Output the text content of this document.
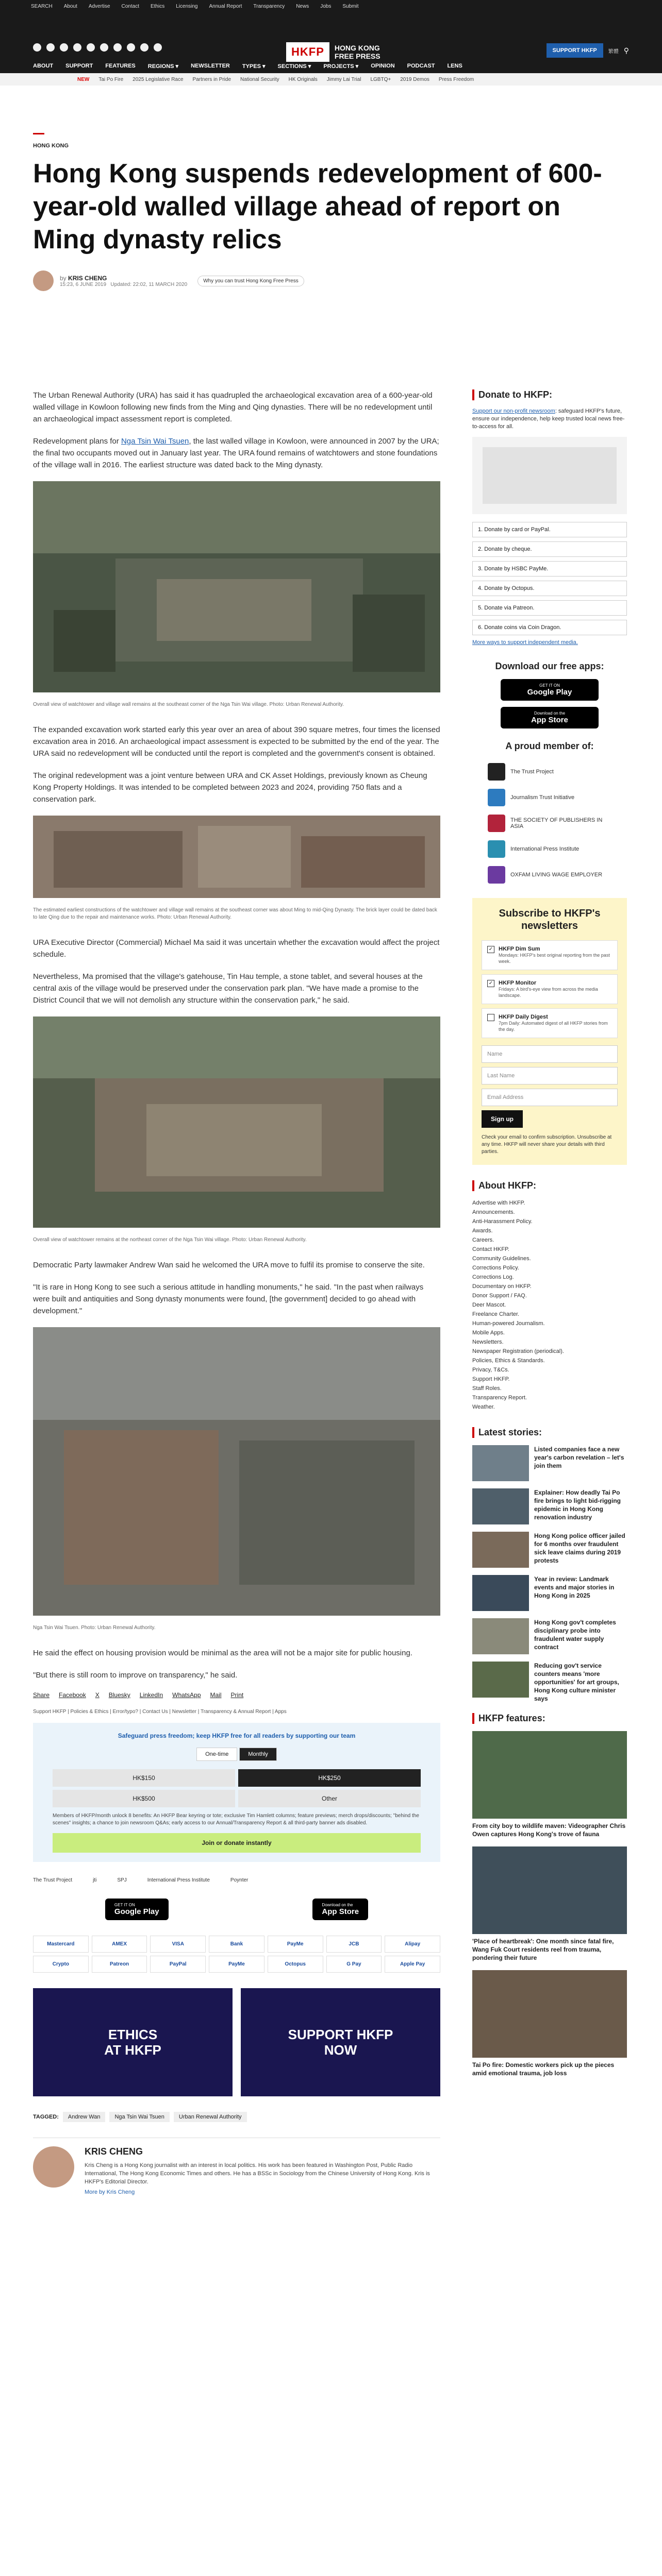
SEARCH About Advertise Contact Ethics Licensing Annual Report Transparency News Jobs Submit
HKFP	HONG KONG
FREE PRESS
SUPPORT HKFP	繁體 ⚲
ABOUT SUPPORT FEATURES REGIONS ▾ NEWSLETTER TYPES ▾ SECTIONS ▾ PROJECTS ▾ OPINION PODCAST LENS
NEW Tai Po Fire 2025 Legislative Race Partners in Pride National Security HK Originals Jimmy Lai Trial LGBTQ+ 2019 Demos Press Freedom
HONG KONG
Hong Kong suspends redevelopment of 600-year-old walled village ahead of report on Ming dynasty relics
by KRIS CHENG
15:23, 6 JUNE 2019 Updated: 22:02, 11 MARCH 2020
Why you can trust Hong Kong Free Press

The Urban Renewal Authority (URA) has said it has quadrupled the archaeological excavation area of a 600-year-old walled village in Kowloon following new finds from the Ming and Qing dynasties. There will be no redevelopment until an archaeological impact assessment report is completed.

Redevelopment plans for Nga Tsin Wai Tsuen, the last walled village in Kowloon, were announced in 2007 by the URA; the final two occupants moved out in January last year. The URA found remains of watchtowers and stone foundations of the village wall in 2016. The earliest structure was dated back to the Ming dynasty.

Overall view of watchtower and village wall remains at the southeast corner of the Nga Tsin Wai village. Photo: Urban Renewal Authority.

The expanded excavation work started early this year over an area of about 390 square metres, four times the licensed excavation area in 2016. An archaeological impact assessment is expected to be submitted by the end of the year. The URA said no redevelopment will be conducted until the report is completed and the government's consent is obtained.

The original redevelopment was a joint venture between URA and CK Asset Holdings, previously known as Cheung Kong Property Holdings. It was intended to be completed between 2023 and 2024, providing 750 flats and a conservation park.

The estimated earliest constructions of the watchtower and village wall remains at the southeast corner was about Ming to mid-Qing Dynasty. The brick layer could be dated back to late Qing due to the repair and maintenance works. Photo: Urban Renewal Authority.

URA Executive Director (Commercial) Michael Ma said it was uncertain whether the excavation would affect the project schedule.

Nevertheless, Ma promised that the village's gatehouse, Tin Hau temple, a stone tablet, and several houses at the central axis of the village would be preserved under the conservation park plan. "We have made a promise to the District Council that we will not demolish any structure within the conservation park," he said.

Overall view of watchtower remains at the northeast corner of the Nga Tsin Wai village. Photo: Urban Renewal Authority.

Democratic Party lawmaker Andrew Wan said he welcomed the URA move to fulfil its promise to conserve the site.

"It is rare in Hong Kong to see such a serious attitude in handling monuments," he said. "In the past when railways were built and antiquities and Song dynasty monuments were found, [the government] decided to go ahead with development."

Nga Tsin Wai Tsuen. Photo: Urban Renewal Authority.

He said the effect on housing provision would be minimal as the area will not be a major site for public housing.

"But there is still room to improve on transparency," he said.

Share Facebook X Bluesky LinkedIn WhatsApp Mail Print
Support HKFP | Policies & Ethics | Error/typo? | Contact Us | Newsletter | Transparency & Annual Report | Apps
Safeguard press freedom; keep HKFP free for all readers by supporting our team
One-time	Monthly
HK$150	HK$250
HK$500	Other
Members of HKFP/month unlock 8 benefits: An HKFP Bear keyring or tote; exclusive Tim Hamlett columns; feature previews; merch drops/discounts; "behind the scenes" insights; a chance to join newsroom Q&As; early access to our Annual/Transparency Report & all third-party banner ads disabled.
Join or donate instantly
The Trust Project	jti	SPJ	International Press Institute	Poynter
GET IT ON
Google Play
Download on the
App Store
Mastercard	AMEX	VISA	Bank	PayMe	JCB	Alipay
Crypto	Patreon	PayPal	PayMe	Octopus	G Pay	Apple Pay
ETHICS
AT HKFP
SUPPORT HKFP
NOW
TAGGED:	Andrew Wan	Nga Tsin Wai Tsuen	Urban Renewal Authority
KRIS CHENG
Kris Cheng is a Hong Kong journalist with an interest in local politics. His work has been featured in Washington Post, Public Radio International, The Hong Kong Economic Times and others. He has a BSSc in Sociology from the Chinese University of Hong Kong. Kris is HKFP's Editorial Director.
More by Kris Cheng
Donate to HKFP:

Support our non-profit newsroom: safeguard HKFP's future, ensure our independence, help keep trusted local news free-to-access for all.

1. Donate by card or PayPal.
2. Donate by cheque.
3. Donate by HSBC PayMe.
4. Donate by Octopus.
5. Donate via Patreon.
6. Donate coins via Coin Dragon.
More ways to support independent media.
Download our free apps:
GET IT ON
Google Play
Download on the
App Store
A proud member of:
The Trust Project
Journalism Trust Initiative
THE SOCIETY OF PUBLISHERS IN ASIA
International Press Institute
OXFAM LIVING WAGE EMPLOYER
Subscribe to HKFP's newsletters
✓ HKFP Dim Sum
Mondays: HKFP's best original reporting from the past week.
✓ HKFP Monitor
Fridays: A bird's-eye view from across the media landscape.
HKFP Daily Digest
7pm Daily: Automated digest of all HKFP stories from the day.
Name
Last Name
Email Address
Sign up
Check your email to confirm subscription. Unsubscribe at any time. HKFP will never share your details with third parties.
About HKFP:
Advertise with HKFP.
Announcements.
Anti-Harassment Policy.
Awards.
Careers.
Contact HKFP.
Community Guidelines.
Corrections Policy.
Corrections Log.
Documentary on HKFP.
Donor Support / FAQ.
Deer Mascot.
Freelance Charter.
Human-powered Journalism.
Mobile Apps.
Newsletters.
Newspaper Registration (periodical).
Policies, Ethics & Standards.
Privacy, T&Cs.
Support HKFP.
Staff Roles.
Transparency Report.
Weather.
Latest stories:
Listed companies face a new year's carbon revelation – let's join them
Explainer: How deadly Tai Po fire brings to light bid-rigging epidemic in Hong Kong renovation industry
Hong Kong police officer jailed for 6 months over fraudulent sick leave claims during 2019 protests
Year in review: Landmark events and major stories in Hong Kong in 2025
Hong Kong gov't completes disciplinary probe into fraudulent water supply contract
Reducing gov't service counters means 'more opportunities' for art groups, Hong Kong culture minister says
HKFP features:
From city boy to wildlife maven: Videographer Chris Owen captures Hong Kong's trove of fauna
'Place of heartbreak': One month since fatal fire, Wang Fuk Court residents reel from trauma, pondering their future
Tai Po fire: Domestic workers pick up the pieces amid emotional trauma, job loss
